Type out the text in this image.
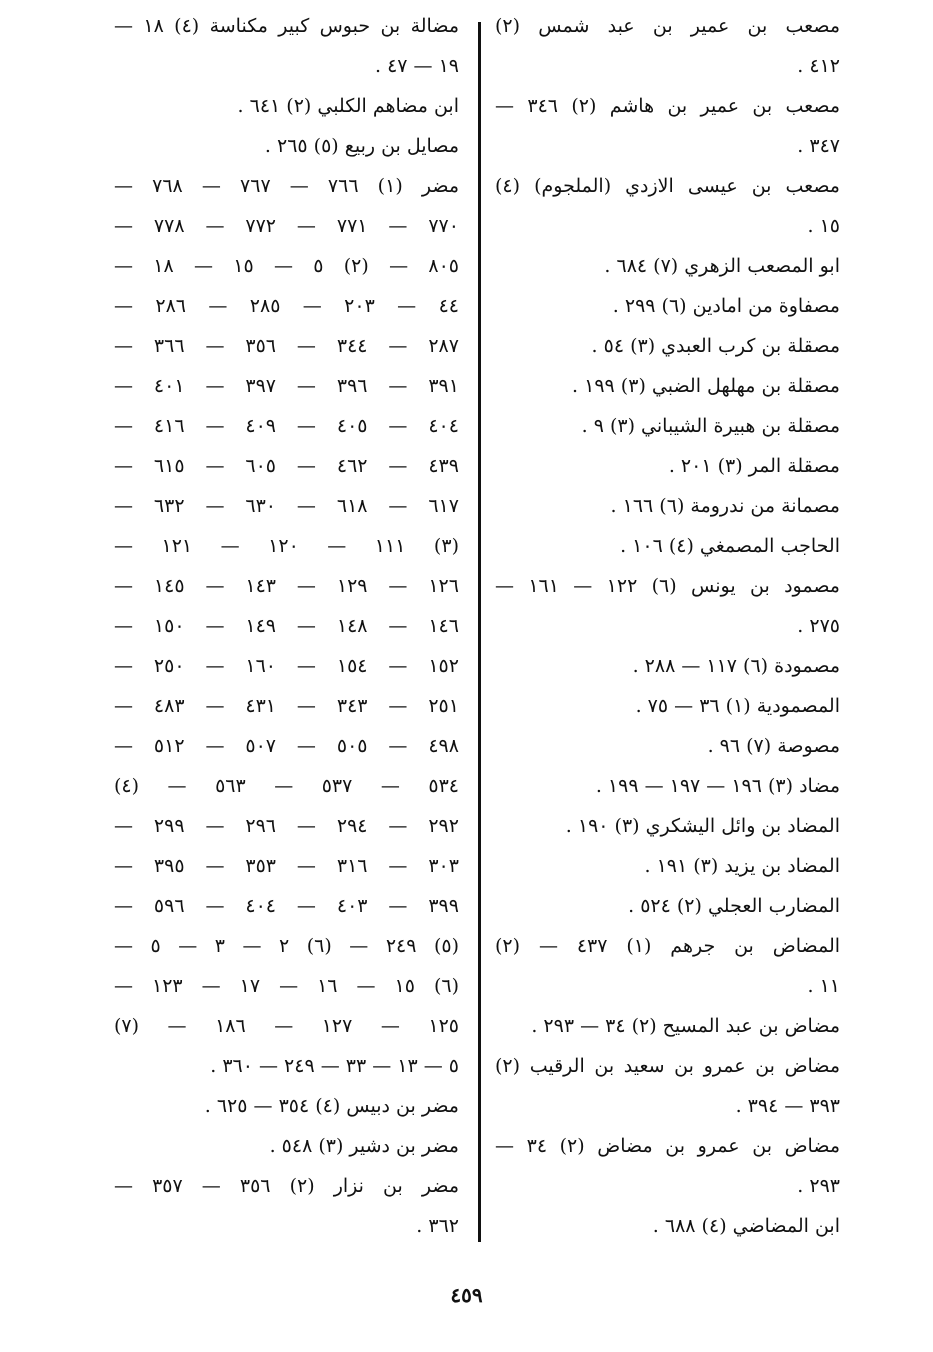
مصعب بن عمير بن عبد شمس (٢)
٤١٢ .
مصعب بن عمير بن هاشم (٢) ٣٤٦ —
٣٤٧ .
مصعب بن عيسى الازدي (الملجوم) (٤)
١٥ .
ابو المصعب الزهري (٧) ٦٨٤ .
مصفاوة من امادين (٦) ٢٩٩ .
مصقلة بن كرب العبدي (٣) ٥٤ .
مصقلة بن مهلهل الضبي (٣) ١٩٩ .
مصقلة بن هبيرة الشيباني (٣) ٩ .
مصقلة المر (٣) ٢٠١ .
مصمانة من ندرومة (٦) ١٦٦ .
الحاجب المصمغي (٤) ١٠٦ .
مصمود بن يونس (٦) ١٢٢ — ١٦١ —
٢٧٥ .
مصمودة (٦) ١١٧ — ٢٨٨ .
المصمودية (١) ٣٦ — ٧٥ .
مصوصة (٧) ٩٦ .
مضاد (٣) ١٩٦ — ١٩٧ — ١٩٩ .
المضاد بن وائل اليشكري (٣) ١٩٠ .
المضاد بن يزيد (٣) ١٩١ .
المضارب العجلي (٢) ٥٢٤ .
المضاض بن جرهم (١) ٤٣٧ — (٢)
١١ .
مضاض بن عبد المسيح (٢) ٣٤ — ٢٩٣ .
مضاض بن عمرو بن سعيد بن الرقيب (٢)
٣٩٣ — ٣٩٤ .
مضاض بن عمرو بن مضاض (٢) ٣٤ —
٢٩٣ .
ابن المضاضي (٤) ٦٨٨ .
مضالة بن حبوس كبير مكناسة (٤) ١٨ —
١٩ — ٤٧ .
ابن مضاهم الكلبي (٢) ٦٤١ .
مصايل بن ربيع (٥) ٢٦٥ .
مضر (١) ٧٦٦ — ٧٦٧ — ٧٦٨ —
٧٧٠ — ٧٧١ — ٧٧٢ — ٧٧٨ —
٨٠٥ — (٢) ٥ — ١٥ — ١٨ —
٤٤ — ٢٠٣ — ٢٨٥ — ٢٨٦ —
٢٨٧ — ٣٤٤ — ٣٥٦ — ٣٦٦ —
٣٩١ — ٣٩٦ — ٣٩٧ — ٤٠١ —
٤٠٤ — ٤٠٥ — ٤٠٩ — ٤١٦ —
٤٣٩ — ٤٦٢ — ٦٠٥ — ٦١٥ —
٦١٧ — ٦١٨ — ٦٣٠ — ٦٣٢ —
(٣) ١١١ — ١٢٠ — ١٢١ —
١٢٦ — ١٢٩ — ١٤٣ — ١٤٥ —
١٤٦ — ١٤٨ — ١٤٩ — ١٥٠ —
١٥٢ — ١٥٤ — ١٦٠ — ٢٥٠ —
٢٥١ — ٣٤٣ — ٤٣١ — ٤٨٣ —
٤٩٨ — ٥٠٥ — ٥٠٧ — ٥١٢ —
٥٣٤ — ٥٣٧ — ٥٦٣ — (٤)
٢٩٢ — ٢٩٤ — ٢٩٦ — ٢٩٩ —
٣٠٣ — ٣١٦ — ٣٥٣ — ٣٩٥ —
٣٩٩ — ٤٠٣ — ٤٠٤ — ٥٩٦ —
(٥) ٢٤٩ — (٦) ٢ — ٣ — ٥ —
(٦) ١٥ — ١٦ — ١٧ — ١٢٣ —
١٢٥ — ١٢٧ — ١٨٦ — (٧)
٥ — ١٣ — ٣٣ — ٢٤٩ — ٣٦٠ .
مضر بن دبيس (٤) ٣٥٤ — ٦٢٥ .
مضر بن دشير (٣) ٥٤٨ .
مضر بن نزار (٢) ٣٥٦ — ٣٥٧ —
٣٦٢ .
٤٥٩
